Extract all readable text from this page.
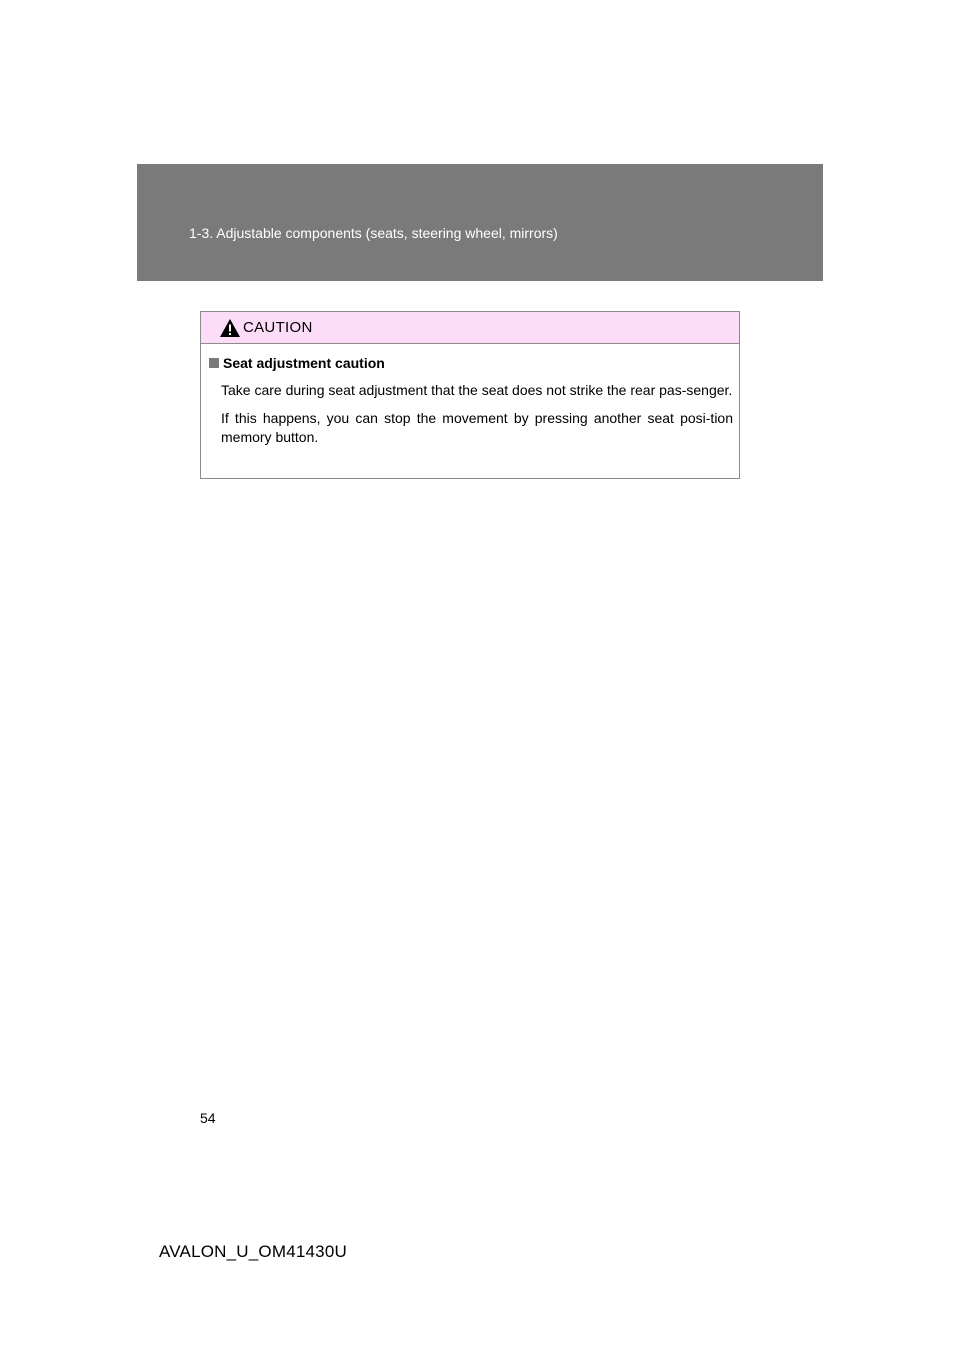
1-3. Adjustable components (seats, steering wheel, mirrors)
CAUTION
Seat adjustment caution

Take care during seat adjustment that the seat does not strike the rear pas-senger.

If this happens, you can stop the movement by pressing another seat posi-tion memory button.

54
AVALON_U_OM41430U
